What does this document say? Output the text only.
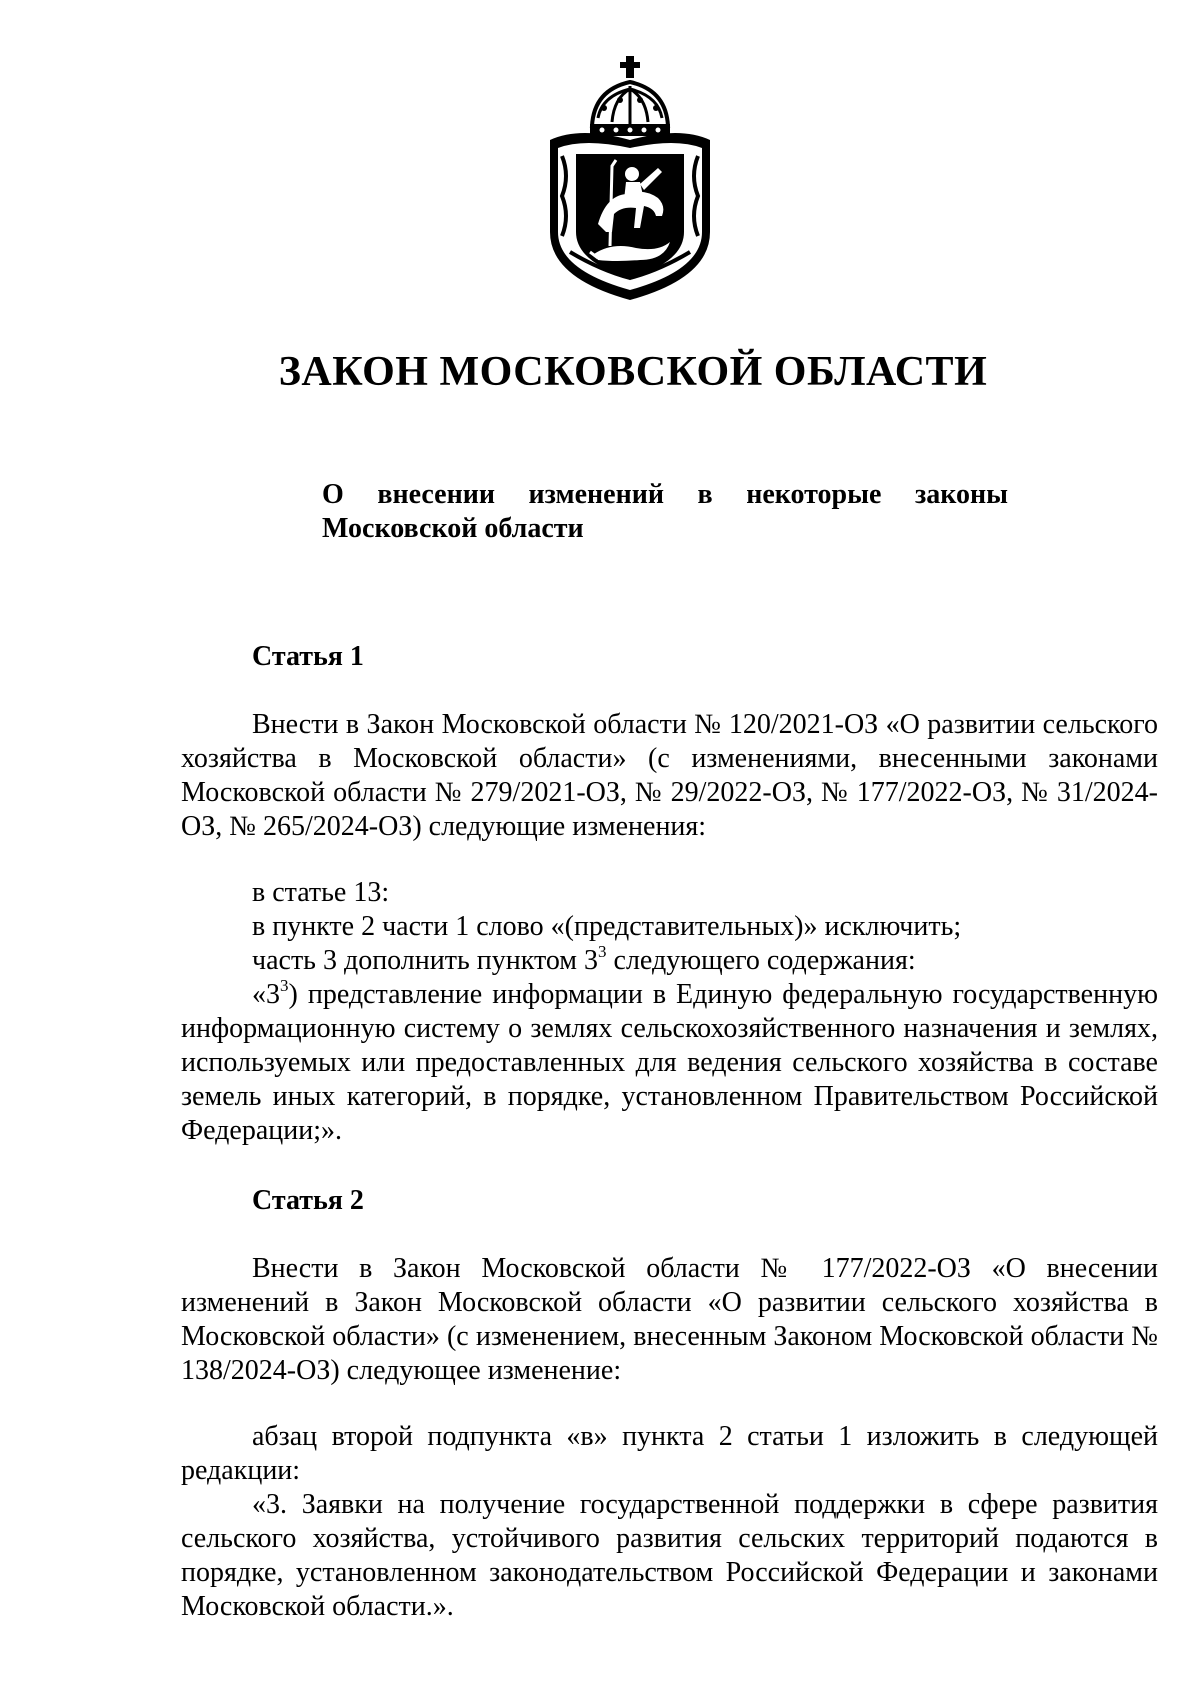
ЗАКОН МОСКОВСКОЙ ОБЛАСТИ
О внесении изменений в некоторые законы
Московской области

Статья 1

Внести в Закон Московской области № 120/2021-ОЗ «О развитии сельского хозяйства в Московской области» (с изменениями, внесенными законами Московской области № 279/2021-ОЗ, № 29/2022-ОЗ, № 177/2022-ОЗ, № 31/2024-ОЗ, № 265/2024-ОЗ) следующие изменения:

в статье 13:

в пункте 2 части 1 слово «(представительных)» исключить;

часть 3 дополнить пунктом $3^3$ следующего содержания:

«$3^3$) представление информации в Единую федеральную государственную информационную систему о землях сельскохозяйственного назначения и землях, используемых или предоставленных для ведения сельского хозяйства в составе земель иных категорий, в порядке, установленном Правительством Российской Федерации;».

Статья 2

Внести в Закон Московской области № 177/2022-ОЗ «О внесении изменений в Закон Московской области «О развитии сельского хозяйства в Московской области» (с изменением, внесенным Законом Московской области № 138/2024-ОЗ) следующее изменение:

абзац второй подпункта «в» пункта 2 статьи 1 изложить в следующей редакции:

«3. Заявки на получение государственной поддержки в сфере развития сельского хозяйства, устойчивого развития сельских территорий подаются в порядке, установленном законодательством Российской Федерации и законами Московской области.».
